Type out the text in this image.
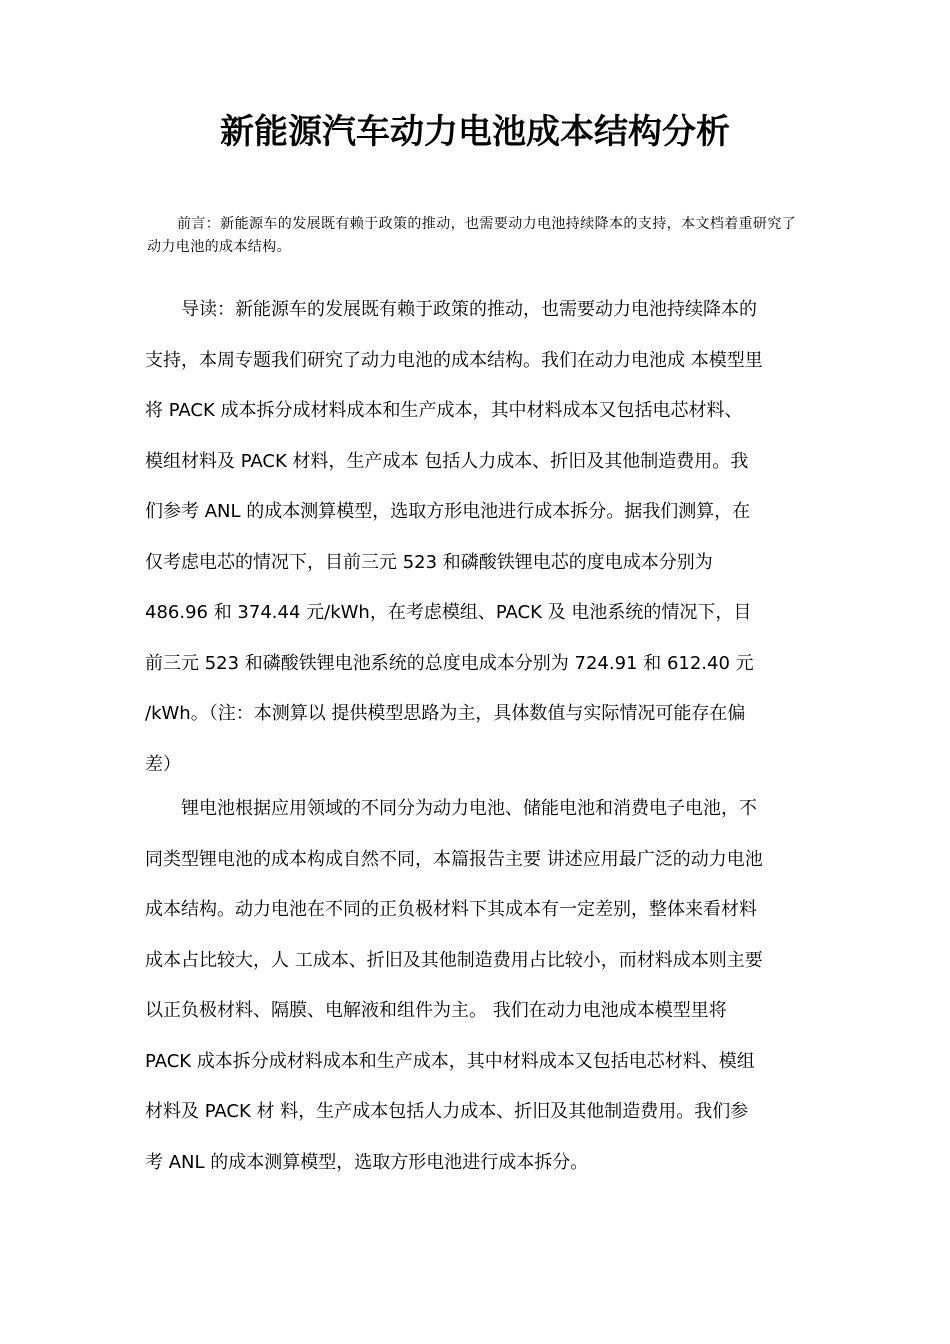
新能源汽车动力电池成本结构分析
前言：新能源车的发展既有赖于政策的推动，也需要动力电池持续降本的支持，本文档着重研究了动力电池的成本结构。
导读：新能源车的发展既有赖于政策的推动，也需要动力电池持续降本的
支持，本周专题我们研究了动力电池的成本结构。我们在动力电池成 本模型里
将 PACK 成本拆分成材料成本和生产成本，其中材料成本又包括电芯材料、
模组材料及 PACK 材料，生产成本 包括人力成本、折旧及其他制造费用。我
们参考 ANL 的成本测算模型，选取方形电池进行成本拆分。据我们测算，在
仅考虑电芯的情况下，目前三元 523 和磷酸铁锂电芯的度电成本分别为
486.96 和 374.44 元/kWh，在考虑模组、PACK 及 电池系统的情况下，目
前三元 523 和磷酸铁锂电池系统的总度电成本分别为 724.91 和 612.40 元
/kWh。（注：本测算以 提供模型思路为主，具体数值与实际情况可能存在偏
差）
锂电池根据应用领域的不同分为动力电池、储能电池和消费电子电池，不
同类型锂电池的成本构成自然不同，本篇报告主要 讲述应用最广泛的动力电池
成本结构。动力电池在不同的正负极材料下其成本有一定差别，整体来看材料
成本占比较大，人 工成本、折旧及其他制造费用占比较小，而材料成本则主要
以正负极材料、隔膜、电解液和组件为主。 我们在动力电池成本模型里将
PACK 成本拆分成材料成本和生产成本，其中材料成本又包括电芯材料、模组
材料及 PACK 材 料，生产成本包括人力成本、折旧及其他制造费用。我们参
考 ANL 的成本测算模型，选取方形电池进行成本拆分。
